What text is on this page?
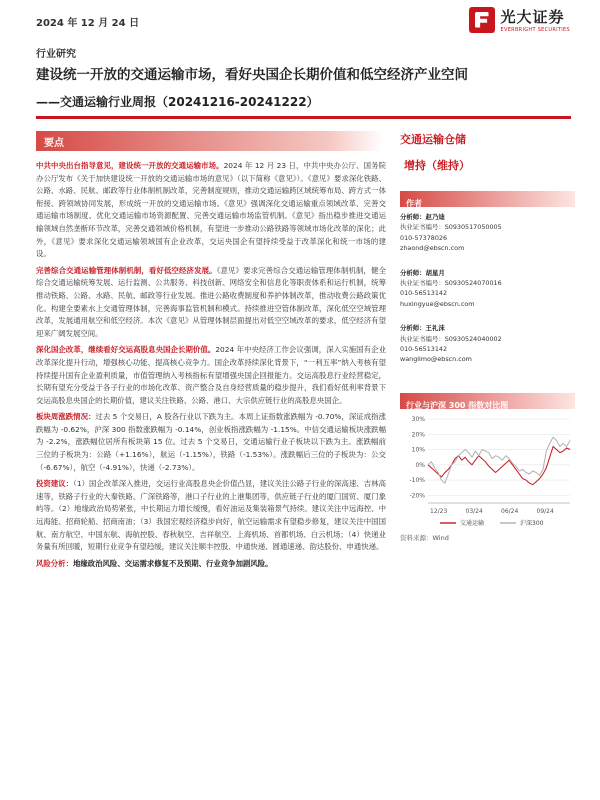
2024 年 12 月 24 日	光大证券
EVERBRIGHT SECURITIES
行业研究
建设统一开放的交通运输市场，看好央国企长期价值和低空经济产业空间
——交通运输行业周报（20241216-20241222）
要点

中共中央出台指导意见，建设统一开放的交通运输市场。2024 年 12 月 23 日，中共中央办公厅、国务院办公厅发布《关于加快建设统一开放的交通运输市场的意见》（以下简称《意见》）。《意见》要求深化铁路、公路、水路、民航、邮政等行业体制机制改革，完善制度规则，推动交通运输跨区域统筹布局、跨方式一体衔接、跨领域协同发展，形成统一开放的交通运输市场。《意见》强调深化交通运输重点领域改革、完善交通运输市场制度、优化交通运输市场资源配置、完善交通运输市场监管机制。《意见》指出稳步推进交通运输领域自然垄断环节改革，完善交通领域价格机制，有望进一步推动公路铁路等领域市场化改革的深化；此外，《意见》要求深化交通运输领域国有企业改革，交运央国企有望持续受益于改革深化和统一市场的建设。

完善综合交通运输管理体制机制，看好低空经济发展。《意见》要求完善综合交通运输管理体制机制，健全综合交通运输统筹发展、运行监测、公共服务、科技创新、网络安全和信息化等职责体系和运行机制，统筹推动铁路、公路、水路、民航、邮政等行业发展。推进公路收费制度和养护体制改革，推动收费公路政策优化。构建全要素水上交通管理体制，完善海事监管机制和模式。持续推进空管体制改革，深化低空空域管理改革，发展通用航空和低空经济。本次《意见》从管理体制层面提出对低空空域改革的要求，低空经济有望迎来广阔发展空间。

深化国企改革，继续看好交运高股息央国企长期价值。2024 年中央经济工作会议强调，深入实施国有企业改革深化提升行动，增强核心功能、提高核心竞争力。国企改革持续深化背景下，“一利五率”纳入考核有望持续提升国有企业盈利质量，市值管理纳入考核指标有望增强央国企回报能力。交运高股息行业经营稳定，长期有望充分受益于各子行业的市场化改革、资产整合及自身经营质量的稳步提升，我们看好低利率背景下交运高股息央国企的长期价值，建议关注铁路、公路、港口、大宗供应链行业的高股息央国企。

板块周涨跌情况：过去 5 个交易日，A 股各行业以下跌为主。本周上证指数涨跌幅为 -0.70%，深证成指涨跌幅为 -0.62%，沪深 300 指数涨跌幅为 -0.14%，创业板指涨跌幅为 -1.15%。中信交通运输板块涨跌幅为 -2.2%，涨跌幅位居所有板块第 15 位。过去 5 个交易日，交通运输行业子板块以下跌为主。涨跌幅前三位的子板块为：公路（+1.16%），航运（-1.15%），铁路（-1.53%）。涨跌幅后三位的子板块为：公交（-6.67%），航空（-4.91%），快递（-2.73%）。

投资建议：（1）国企改革深入推进，交运行业高股息央企价值凸显，建议关注公路子行业的深高速、吉林高速等，铁路子行业的大秦铁路、广深铁路等，港口子行业的上港集团等，供应链子行业的厦门国贸、厦门象屿等。（2）地缘政治局势紧张，中长期运力增长缓慢，看好油运及集装箱景气持续。建议关注中远海控、中远海能、招商轮船、招商南油；（3）我国宏观经济稳步向好，航空运输需求有望稳步修复，建议关注中国国航、南方航空、中国东航、海航控股、春秋航空、吉祥航空、上海机场、首都机场、白云机场；（4）快递业务量有所回暖，短期行业竞争有望趋缓，建议关注顺丰控股、中通快递、圆通速递、韵达股份、申通快递。

风险分析：地缘政治风险、交运需求修复不及预期、行业竞争加剧风险。

交通运输仓储
增持（维持）
作者
分析师：赵乃迪
执业证书编号：S0930517050005
010-57378026
zhaond@ebscn.com
分析师：胡星月
执业证书编号：S0930524070016
010-56513142
huxingyue@ebscn.com
分析师：王礼沫
执业证书编号：S0930524040002
010-56513142
wanglimo@ebscn.com
行业与沪深 300 指数对比图
30%
20%
10%
0%
-10%
-20%
12/23	03/24	06/24	09/24
交通运输	沪深300
资料来源：Wind
